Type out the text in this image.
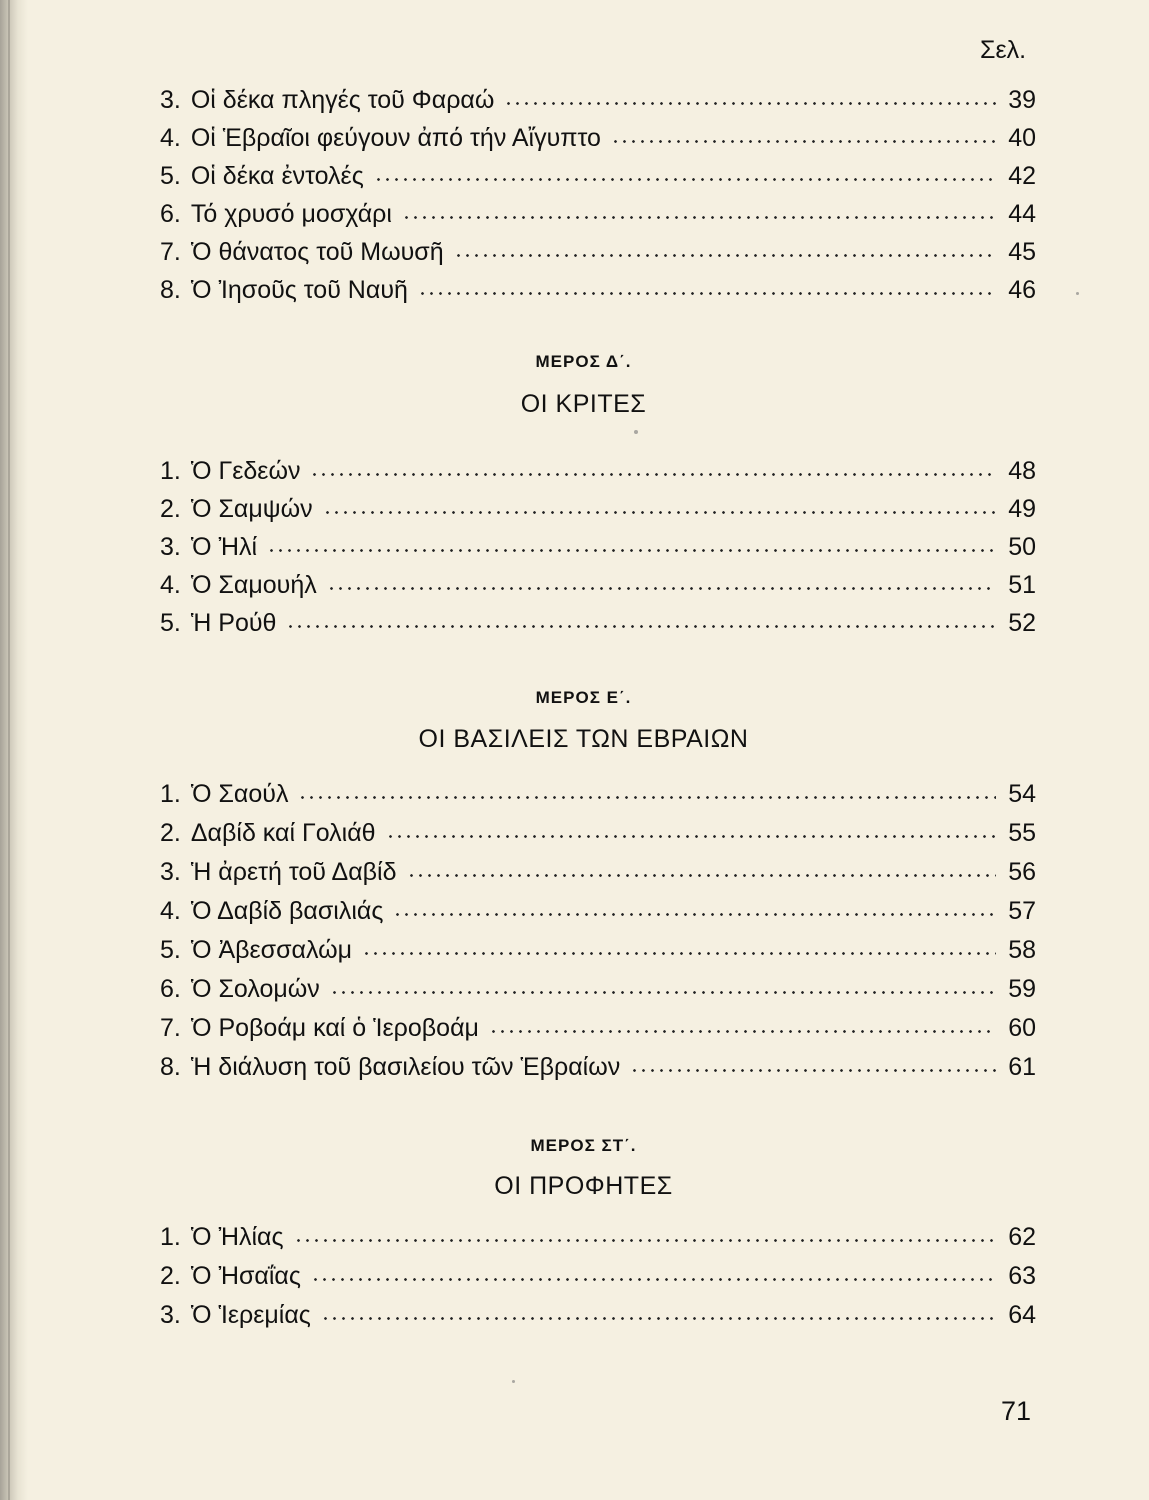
Σελ.
3. Οἱ δέκα πληγές τοῦ Φαραώ	39
4. Οἱ Ἑβραῖοι φεύγουν ἀπό τήν Αἴγυπτο	40
5. Οἱ δέκα ἐντολές	42
6. Τό χρυσό μοσχάρι	44
7. Ὁ θάνατος τοῦ Μωυσῆ	45
8. Ὁ Ἰησοῦς τοῦ Ναυῆ	46
ΜΕΡΟΣ Δ΄.
ΟΙ ΚΡΙΤΕΣ
1. Ὁ Γεδεών	48
2. Ὁ Σαμψών	49
3. Ὁ Ἠλί	50
4. Ὁ Σαμουήλ	51
5. Ἡ Ρούθ	52
ΜΕΡΟΣ Ε΄.
ΟΙ ΒΑΣΙΛΕΙΣ ΤΩΝ ΕΒΡΑΙΩΝ
1. Ὁ Σαούλ	54
2. Δαβίδ καί Γολιάθ	55
3. Ἡ ἀρετή τοῦ Δαβίδ	56
4. Ὁ Δαβίδ βασιλιάς	57
5. Ὁ Ἀβεσσαλώμ	58
6. Ὁ Σολομών	59
7. Ὁ Ροβοάμ καί ὁ Ἱεροβοάμ	60
8. Ἡ διάλυση τοῦ βασιλείου τῶν Ἑβραίων	61
ΜΕΡΟΣ ΣΤ΄.
ΟΙ ΠΡΟΦΗΤΕΣ
1. Ὁ Ἠλίας	62
2. Ὁ Ἠσαΐας	63
3. Ὁ Ἱερεμίας	64
71
